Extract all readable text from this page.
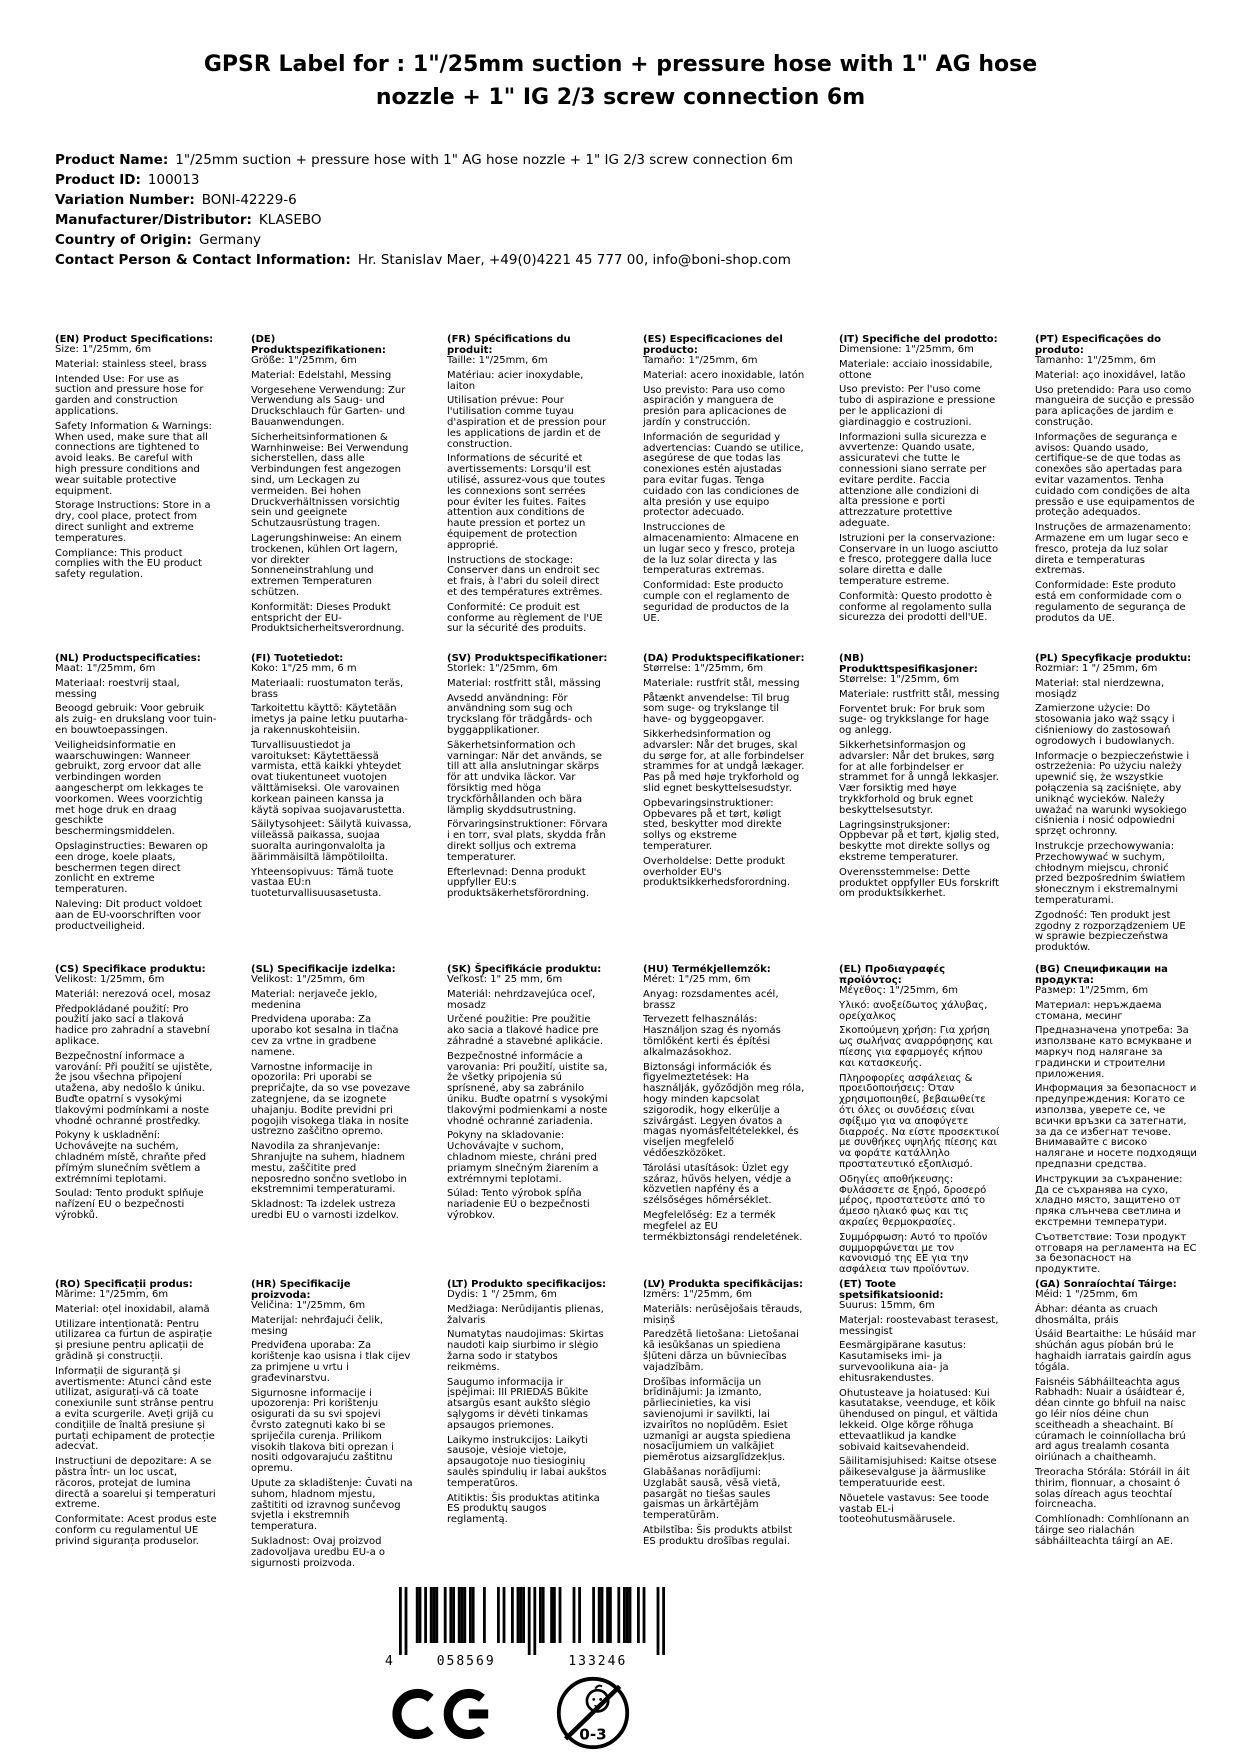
GPSR Label for : 1"/25mm suction + pressure hose with 1" AG hose nozzle + 1" IG 2/3 screw connection 6m
Product Name: 1"/25mm suction + pressure hose with 1" AG hose nozzle + 1" IG 2/3 screw connection 6m
Product ID: 100013
Variation Number: BONI-42229-6
Manufacturer/Distributor: KLASEBO
Country of Origin: Germany
Contact Person & Contact Information: Hr. Stanislav Maer, +49(0)4221 45 777 00, info@boni-shop.com
(EN) Product Specifications:

Size: 1"/25mm, 6m

Material: stainless steel, brass

Intended Use: For use as suction and pressure hose for garden and construction applications.

Safety Information & Warnings: When used, make sure that all connections are tightened to avoid leaks. Be careful with high pressure conditions and wear suitable protective equipment.

Storage Instructions: Store in a dry, cool place, protect from direct sunlight and extreme temperatures.

Compliance: This product complies with the EU product safety regulation.

(DE) Produktspezifikationen:

Größe: 1"/25mm, 6m

Material: Edelstahl, Messing

Vorgesehene Verwendung: Zur Verwendung als Saug- und Druckschlauch für Garten- und Bauanwendungen.

Sicherheitsinformationen & Warnhinweise: Bei Verwendung sicherstellen, dass alle Verbindungen fest angezogen sind, um Leckagen zu vermeiden. Bei hohen Druckverhältnissen vorsichtig sein und geeignete Schutzausrüstung tragen.

Lagerungshinweise: An einem trockenen, kühlen Ort lagern, vor direkter Sonneneinstrahlung und extremen Temperaturen schützen.

Konformität: Dieses Produkt entspricht der EU-Produktsicherheitsverordnung.

(FR) Spécifications du produit:

Taille: 1"/25mm, 6m

Matériau: acier inoxydable, laiton

Utilisation prévue: Pour l'utilisation comme tuyau d'aspiration et de pression pour les applications de jardin et de construction.

Informations de sécurité et avertissements: Lorsqu'il est utilisé, assurez-vous que toutes les connexions sont serrées pour éviter les fuites. Faites attention aux conditions de haute pression et portez un équipement de protection approprié.

Instructions de stockage: Conserver dans un endroit sec et frais, à l'abri du soleil direct et des températures extrêmes.

Conformité: Ce produit est conforme au règlement de l'UE sur la sécurité des produits.

(ES) Especificaciones del producto:

Tamaño: 1"/25mm, 6m

Material: acero inoxidable, latón

Uso previsto: Para uso como aspiración y manguera de presión para aplicaciones de jardín y construcción.

Información de seguridad y advertencias: Cuando se utilice, asegúrese de que todas las conexiones estén ajustadas para evitar fugas. Tenga cuidado con las condiciones de alta presión y use equipo protector adecuado.

Instrucciones de almacenamiento: Almacene en un lugar seco y fresco, proteja de la luz solar directa y las temperaturas extremas.

Conformidad: Este producto cumple con el reglamento de seguridad de productos de la UE.

(IT) Specifiche del prodotto:

Dimensione: 1"/25mm, 6m

Materiale: acciaio inossidabile, ottone

Uso previsto: Per l'uso come tubo di aspirazione e pressione per le applicazioni di giardinaggio e costruzioni.

Informazioni sulla sicurezza e avvertenze: Quando usate, assicuratevi che tutte le connessioni siano serrate per evitare perdite. Faccia attenzione alle condizioni di alta pressione e porti attrezzature protettive adeguate.

Istruzioni per la conservazione: Conservare in un luogo asciutto e fresco, proteggere dalla luce solare diretta e dalle temperature estreme.

Conformità: Questo prodotto è conforme al regolamento sulla sicurezza dei prodotti dell'UE.

(PT) Especificações do produto:

Tamanho: 1"/25mm, 6m

Material: aço inoxidável, latão

Uso pretendido: Para uso como mangueira de sucção e pressão para aplicações de jardim e construção.

Informações de segurança e avisos: Quando usado, certifique-se de que todas as conexões são apertadas para evitar vazamentos. Tenha cuidado com condições de alta pressão e use equipamentos de proteção adequados.

Instruções de armazenamento: Armazene em um lugar seco e fresco, proteja da luz solar direta e temperaturas extremas.

Conformidade: Este produto está em conformidade com o regulamento de segurança de produtos da UE.

(NL) Productspecificaties:

Maat: 1"/25mm, 6m

Materiaal: roestvrij staal, messing

Beoogd gebruik: Voor gebruik als zuig- en drukslang voor tuin- en bouwtoepassingen.

Veiligheidsinformatie en waarschuwingen: Wanneer gebruikt, zorg ervoor dat alle verbindingen worden aangescherpt om lekkages te voorkomen. Wees voorzichtig met hoge druk en draag geschikte beschermingsmiddelen.

Opslaginstructies: Bewaren op een droge, koele plaats, beschermen tegen direct zonlicht en extreme temperaturen.

Naleving: Dit product voldoet aan de EU-voorschriften voor productveiligheid.

(FI) Tuotetiedot:

Koko: 1"/25 mm, 6 m

Materiaali: ruostumaton teräs, brass

Tarkoitettu käyttö: Käytetään imetys ja paine letku puutarha- ja rakennuskohteisiin.

Turvallisuustiedot ja varoitukset: Käytettäessä varmista, että kaikki yhteydet ovat tiukentuneet vuotojen välttämiseksi. Ole varovainen korkean paineen kanssa ja käytä sopivaa suojavarustetta.

Säilytysohjeet: Säilytä kuivassa, viileässä paikassa, suojaa suoralta auringonvalolta ja äärimmäisiltä lämpötiloilta.

Yhteensopivuus: Tämä tuote vastaa EU:n tuoteturvallisuusasetusta.

(SV) Produktspecifikationer:

Storlek: 1"/25mm, 6m

Material: rostfritt stål, mässing

Avsedd användning: För användning som sug och tryckslang för trädgårds- och byggapplikationer.

Säkerhetsinformation och varningar: När det används, se till att alla anslutningar skärps för att undvika läckor. Var försiktig med höga tryckförhållanden och bära lämplig skyddsutrustning.

Förvaringsinstruktioner: Förvara i en torr, sval plats, skydda från direkt solljus och extrema temperaturer.

Efterlevnad: Denna produkt uppfyller EU:s produktsäkerhetsförordning.

(DA) Produktspecifikationer:

Størrelse: 1"/25mm, 6m

Materiale: rustfrit stål, messing

Påtænkt anvendelse: Til brug som suge- og trykslange til have- og byggeopgaver.

Sikkerhedsinformation og advarsler: Når det bruges, skal du sørge for, at alle forbindelser strammes for at undgå lækager. Pas på med høje trykforhold og slid egnet beskyttelsesudstyr.

Opbevaringsinstruktioner: Opbevares på et tørt, køligt sted, beskytter mod direkte sollys og ekstreme temperaturer.

Overholdelse: Dette produkt overholder EU's produktsikkerhedsforordning.

(NB) Produkttspesifikasjoner:

Størrelse: 1"/25mm, 6m

Materiale: rustfritt stål, messing

Forventet bruk: For bruk som suge- og trykkslange for hage og anlegg.

Sikkerhetsinformasjon og advarsler: Når det brukes, sørg for at alle forbindelser er strammet for å unngå lekkasjer. Vær forsiktig med høye trykkforhold og bruk egnet beskyttelsesutstyr.

Lagringsinstruksjoner: Oppbevar på et tørt, kjølig sted, beskytte mot direkte sollys og ekstreme temperaturer.

Overensstemmelse: Dette produktet oppfyller EUs forskrift om produktsikkerhet.

(PL) Specyfikacje produktu:

Rozmiar: 1 "/ 25mm, 6m

Materiał: stal nierdzewna, mosiądz

Zamierzone użycie: Do stosowania jako wąż ssący i ciśnieniowy do zastosowań ogrodowych i budowlanych.

Informacje o bezpieczeństwie i ostrzeżenia: Po użyciu należy upewnić się, że wszystkie połączenia są zaciśnięte, aby uniknąć wycieków. Należy uważać na warunki wysokiego ciśnienia i nosić odpowiedni sprzęt ochronny.

Instrukcje przechowywania: Przechowywać w suchym, chłodnym miejscu, chronić przed bezpośrednim światłem słonecznym i ekstremalnymi temperaturami.

Zgodność: Ten produkt jest zgodny z rozporządzeniem UE w sprawie bezpieczeństwa produktów.

(CS) Specifikace produktu:

Velikost: 1/25mm, 6m

Materiál: nerezová ocel, mosaz

Předpokládané použití: Pro použití jako sací a tlaková hadice pro zahradní a stavební aplikace.

Bezpečnostní informace a varování: Při použití se ujistěte, že jsou všechna připojení utažena, aby nedošlo k úniku. Buďte opatrní s vysokými tlakovými podmínkami a noste vhodné ochranné prostředky.

Pokyny k uskladnění: Uchovávejte na suchém, chladném místě, chraňte před přímým slunečním světlem a extrémními teplotami.

Soulad: Tento produkt splňuje nařízení EU o bezpečnosti výrobků.

(SL) Specifikacije izdelka:

Velikost: 1"/25mm, 6m

Material: nerjaveče jeklo, medenina

Predvidena uporaba: Za uporabo kot sesalna in tlačna cev za vrtne in gradbene namene.

Varnostne informacije in opozorila: Pri uporabi se prepričajte, da so vse povezave zategnjene, da se izognete uhajanju. Bodite previdni pri pogojih visokega tlaka in nosite ustrezno zaščitno opremo.

Navodila za shranjevanje: Shranjujte na suhem, hladnem mestu, zaščitite pred neposredno sončno svetlobo in ekstremnimi temperaturami.

Skladnost: Ta izdelek ustreza uredbi EU o varnosti izdelkov.

(SK) Špecifikácie produktu:

Veľkosť: 1" 25 mm, 6m

Materiál: nehrdzavejúca oceľ, mosadz

Určené použitie: Pre použitie ako sacia a tlakové hadice pre záhradné a stavebné aplikácie.

Bezpečnostné informácie a varovania: Pri použití, uistite sa, že všetky pripojenia sú sprísnené, aby sa zabránilo úniku. Buďte opatrní s vysokými tlakovými podmienkami a noste vhodné ochranné zariadenia.

Pokyny na skladovanie: Uchovávajte v suchom, chladnom mieste, chráni pred priamym slnečným žiarením a extrémnymi teplotami.

Súlad: Tento výrobok spĺňa nariadenie EÚ o bezpečnosti výrobkov.

(HU) Termékjellemzők:

Méret: 1"/25 mm, 6m

Anyag: rozsdamentes acél, brassz

Tervezett felhasználás: Használjon szag és nyomás tömlőként kerti és építési alkalmazásokhoz.

Biztonsági információk és figyelmeztetések: Ha használják, győződjön meg róla, hogy minden kapcsolat szigorodik, hogy elkerülje a szivárgást. Legyen óvatos a magas nyomásfeltételekkel, és viseljen megfelelő védőeszközöket.

Tárolási utasítások: Üzlet egy száraz, hűvös helyen, védje a közvetlen napfény és a szélsőséges hőmérséklet.

Megfelelőség: Ez a termék megfelel az EU termékbiztonsági rendeletének.

(EL) Προδιαγραφές προϊόντος:

Μέγεθος: 1"/25mm, 6m

Υλικό: ανοξείδωτος χάλυβας, ορείχαλκος

Σκοπούμενη χρήση: Για χρήση ως σωλήνας αναρρόφησης και πίεσης για εφαρμογές κήπου και κατασκευής.

Πληροφορίες ασφάλειας & προειδοποιήσεις: Όταν χρησιμοποιηθεί, βεβαιωθείτε ότι όλες οι συνδέσεις είναι σφίξιμο για να αποφύγετε διαρροές. Να είστε προσεκτικοί με συνθήκες υψηλής πίεσης και να φοράτε κατάλληλο προστατευτικό εξοπλισμό.

Οδηγίες αποθήκευσης: Φυλάσσετε σε ξηρό, δροσερό μέρος, προστατεύστε από το άμεσο ηλιακό φως και τις ακραίες θερμοκρασίες.

Συμμόρφωση: Αυτό το προϊόν συμμορφώνεται με τον κανονισμό της ΕΕ για την ασφάλεια των προϊόντων.

(BG) Спецификации на продукта:

Размер: 1"/25mm, 6m

Материал: неръждаема стомана, месинг

Предназначена употреба: За използване като всмукване и маркуч под налягане за градински и строителни приложения.

Информация за безопасност и предупреждения: Когато се използва, уверете се, че всички връзки са затегнати, за да се избегнат течове. Внимавайте с високо налягане и носете подходящи предпазни средства.

Инструкции за съхранение: Да се съхранява на сухо, хладно място, защитено от пряка слънчева светлина и екстремни температури.

Съответствие: Този продукт отговаря на регламента на ЕС за безопасност на продуктите.

(RO) Specificații produs:

Mărime: 1"/25mm, 6m

Material: oțel inoxidabil, alamă

Utilizare intenționată: Pentru utilizarea ca furtun de aspirație și presiune pentru aplicații de grădină și construcții.

Informații de siguranță și avertismente: Atunci când este utilizat, asigurați-vă că toate conexiunile sunt strânse pentru a evita scurgerile. Aveți grijă cu condițiile de înaltă presiune și purtați echipament de protecție adecvat.

Instrucțiuni de depozitare: A se păstra într- un loc uscat, răcoros, protejat de lumina directă a soarelui și temperaturi extreme.

Conformitate: Acest produs este conform cu regulamentul UE privind siguranța produselor.

(HR) Specifikacije proizvoda:

Veličina: 1"/25mm, 6m

Materijal: nehrđajući čelik, mesing

Predviđena uporaba: Za korištenje kao usisna i tlak cijev za primjene u vrtu i građevinarstvu.

Sigurnosne informacije i upozorenja: Pri korištenju osigurati da su svi spojevi čvrsto zategnuti kako bi se spriječila curenja. Prilikom visokih tlakova biti oprezan i nositi odgovarajuću zaštitnu opremu.

Upute za skladištenje: Čuvati na suhom, hladnom mjestu, zaštititi od izravnog sunčevog svjetla i ekstremnih temperatura.

Sukladnost: Ovaj proizvod zadovoljava uredbu EU-a o sigurnosti proizvoda.

(LT) Produkto specifikacijos:

Dydis: 1 "/ 25mm, 6m

Medžiaga: Nerūdijantis plienas, žalvaris

Numatytas naudojimas: Skirtas naudoti kaip siurbimo ir slėgio žarna sodo ir statybos reikmėms.

Saugumo informacija ir įspėjimai: III PRIEDAS Būkite atsargūs esant aukšto slėgio sąlygoms ir dėvėti tinkamas apsaugos priemones.

Laikymo instrukcijos: Laikyti sausoje, vėsioje vietoje, apsaugotoje nuo tiesioginių saulės spindulių ir labai aukštos temperatūros.

Atitiktis: Šis produktas atitinka ES produktų saugos reglamentą.

(LV) Produkta specifikācijas:

Izmērs: 1"/25mm, 6m

Materiāls: nerūsējošais tērauds, misiņš

Paredzētā lietošana: Lietošanai kā iesūkšanas un spiediena šļūteni dārza un būvniecības vajadzībām.

Drošības informācija un brīdinājumi: Ja izmanto, pārliecinieties, ka visi savienojumi ir savilkti, lai izvairītos no noplūdēm. Esiet uzmanīgi ar augsta spiediena nosacījumiem un valkājiet piemērotus aizsarglīdzekļus.

Glabāšanas norādījumi: Uzglabāt sausā, vēsā vietā, pasargāt no tiešas saules gaismas un ārkārtējām temperatūrām.

Atbilstība: Šis produkts atbilst ES produktu drošības regulai.

(ET) Toote spetsifikatsioonid:

Suurus: 15mm, 6m

Materjal: roostevabast terasest, messingist

Eesmärgipärane kasutus: Kasutamiseks imi- ja survevoolikuna aia- ja ehitusrakendustes.

Ohutusteave ja hoiatused: Kui kasutatakse, veenduge, et kõik ühendused on pingul, et vältida lekkeid. Olge kõrge rõhuga ettevaatlikud ja kandke sobivaid kaitsevahendeid.

Säilitamisjuhised: Kaitse otsese päikesevalguse ja äärmuslike temperatuuride eest.

Nõuetele vastavus: See toode vastab EL-i tooteohutusmäärusele.

(GA) Sonraíochtaí Táirge:

Méid: 1 "/25mm, 6m

Ábhar: déanta as cruach dhosmálta, práis

Úsáid Beartaithe: Le húsáid mar shúchán agus píobán brú le haghaidh iarratais gairdín agus tógála.

Faisnéis Sábháilteachta agus Rabhadh: Nuair a úsáidtear é, déan cinnte go bhfuil na naisc go léir níos déine chun sceitheadh a sheachaint. Bí cúramach le coinníollacha brú ard agus trealamh cosanta oiriúnach a chaitheamh.

Treoracha Stórála: Stóráil in áit thirim, fionnuar, a chosaint ó solas díreach agus teochtaí foircneacha.

Comhlíonadh: Comhlíonann an táirge seo rialachán sábháilteachta táirgí an AE.

4	058569	133246
0-3
